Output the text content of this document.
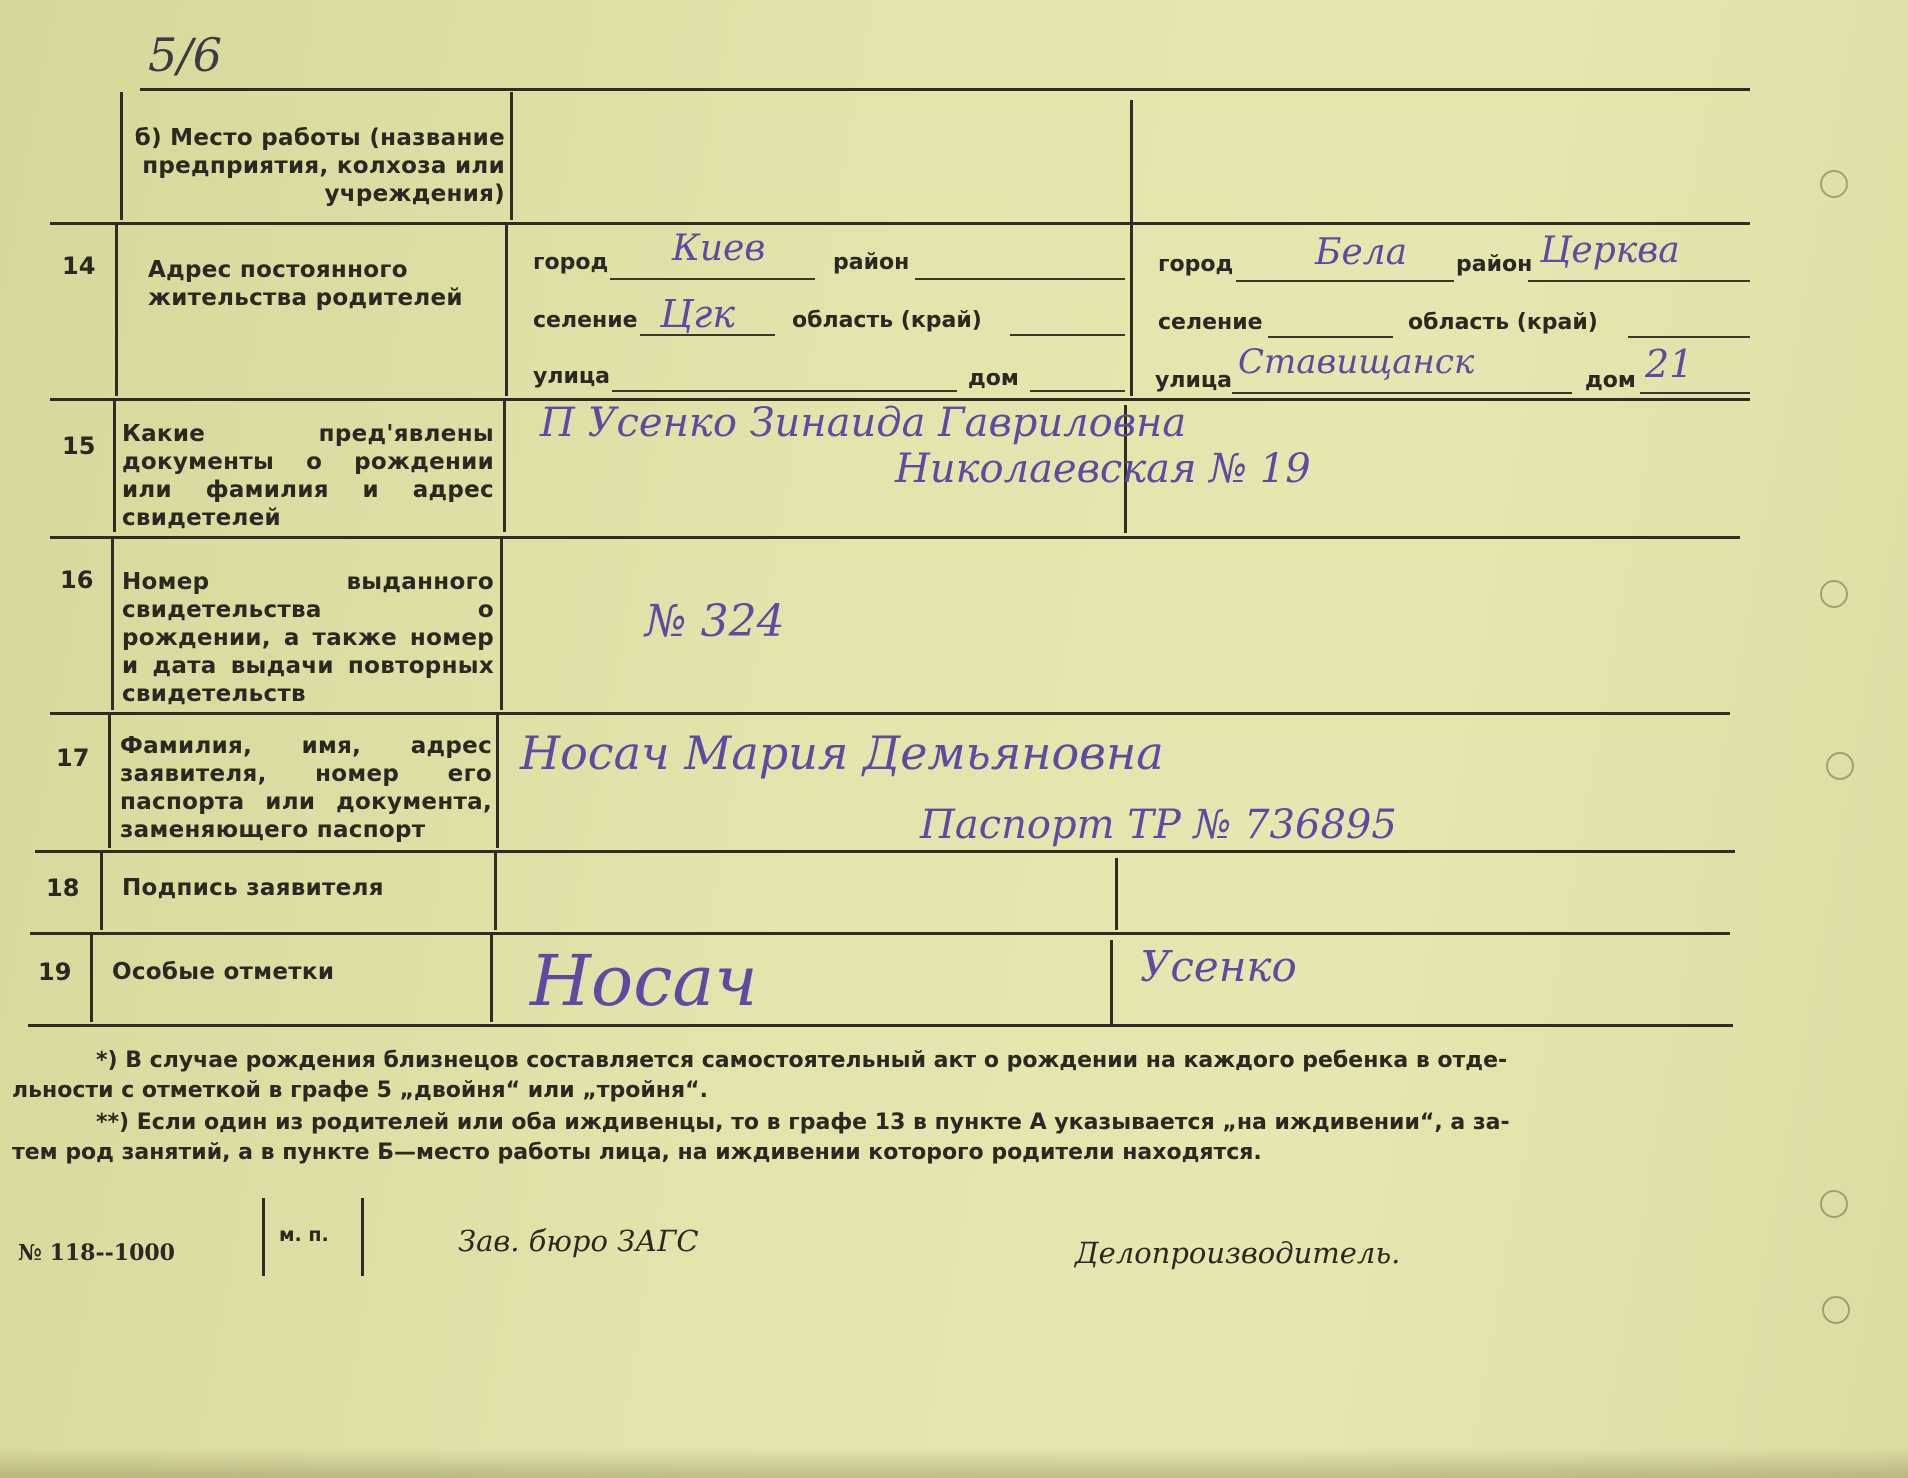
5/6
б) Место работы (название предприятия, колхоза или учреждения)
14 Адрес постоянного жительства родителей
город Киев	район
селение Цгк	область (край)
улица	дом
город Бела район Церква
селение	область (край)
улица Ставищанск	дом 21
15 Какие пред'явлены документы о рождении или фамилия и адрес свидетелей
П Усенко Зинаида Гавриловна
Николаевская № 19
16 Номер выданного свидетельства о рождении, а также номер и дата выдачи повторных свидетельств
№ 324
17 Фамилия, имя, адрес заявителя, номер его паспорта или документа, заменяющего паспорт
Носач Мария Демьяновна
Паспорт ТР № 736895
18 Подпись заявителя
19 Особые отметки	Носач	Усенко
*) В случае рождения близнецов составляется самостоятельный акт о рождении на каждого ребенка в отде-
льности с отметкой в графе 5 „двойня“ или „тройня“.
**) Если один из родителей или оба иждивенцы, то в графе 13 в пункте А указывается „на иждивении“, а за-
тем род занятий, а в пункте Б—место работы лица, на иждивении которого родители находятся.
№ 118--1000
м. п.	Зав. бюро ЗАГС	Делопроизводитель.
